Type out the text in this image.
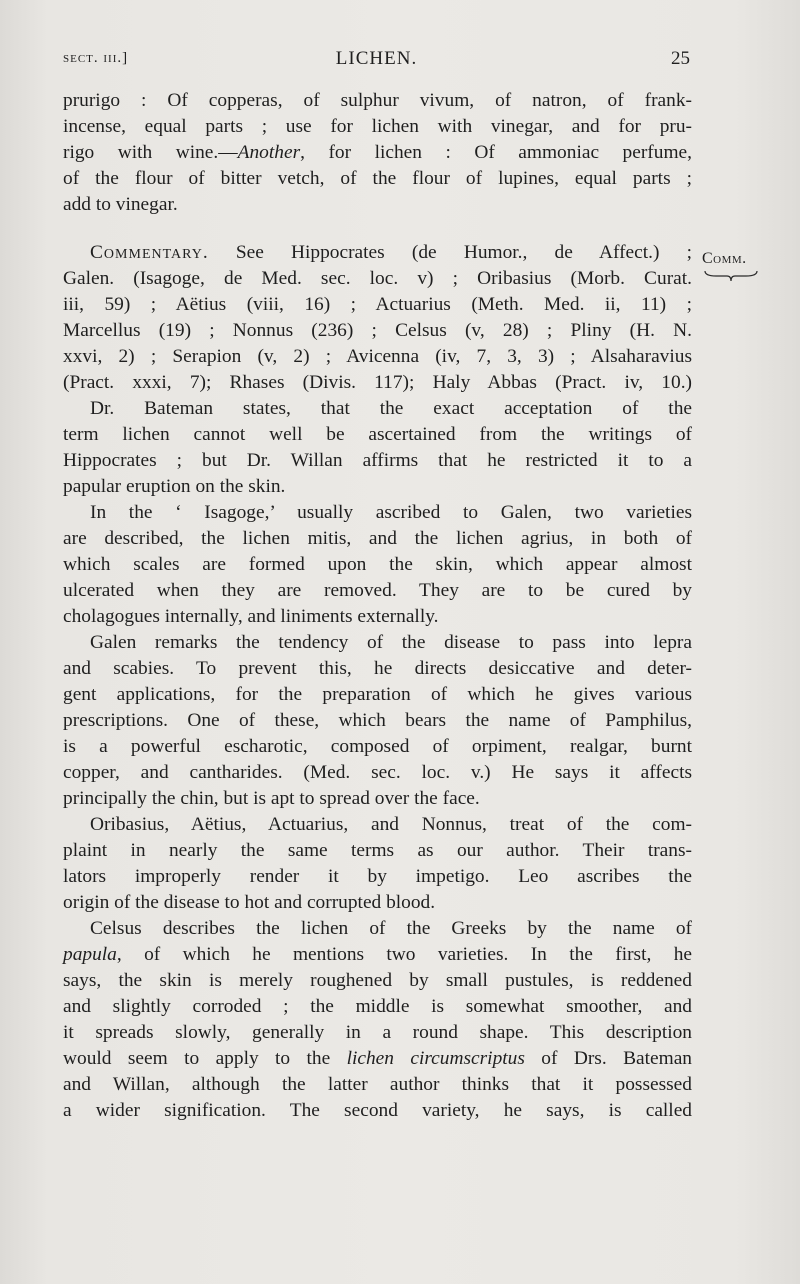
sect. iii.]	LICHEN.	25
Comm.
prurigo : Of copperas, of sulphur vivum, of natron, of frank-
incense, equal parts ; use for lichen with vinegar, and for pru-
rigo with wine.—Another, for lichen : Of ammoniac perfume,
of the flour of bitter vetch, of the flour of lupines, equal parts ;
add to vinegar.
Commentary. See Hippocrates (de Humor., de Affect.) ;
Galen. (Isagoge, de Med. sec. loc. v) ; Oribasius (Morb. Curat.
iii, 59) ; Aëtius (viii, 16) ; Actuarius (Meth. Med. ii, 11) ;
Marcellus (19) ; Nonnus (236) ; Celsus (v, 28) ; Pliny (H. N.
xxvi, 2) ; Serapion (v, 2) ; Avicenna (iv, 7, 3, 3) ; Alsaharavius
(Pract. xxxi, 7); Rhases (Divis. 117); Haly Abbas (Pract. iv, 10.)
Dr. Bateman states, that the exact acceptation of the
term lichen cannot well be ascertained from the writings of
Hippocrates ; but Dr. Willan affirms that he restricted it to a
papular eruption on the skin.
In the ‘ Isagoge,’ usually ascribed to Galen, two varieties
are described, the lichen mitis, and the lichen agrius, in both of
which scales are formed upon the skin, which appear almost
ulcerated when they are removed. They are to be cured by
cholagogues internally, and liniments externally.
Galen remarks the tendency of the disease to pass into lepra
and scabies. To prevent this, he directs desiccative and deter-
gent applications, for the preparation of which he gives various
prescriptions. One of these, which bears the name of Pamphilus,
is a powerful escharotic, composed of orpiment, realgar, burnt
copper, and cantharides. (Med. sec. loc. v.) He says it affects
principally the chin, but is apt to spread over the face.
Oribasius, Aëtius, Actuarius, and Nonnus, treat of the com-
plaint in nearly the same terms as our author. Their trans-
lators improperly render it by impetigo. Leo ascribes the
origin of the disease to hot and corrupted blood.
Celsus describes the lichen of the Greeks by the name of
papula, of which he mentions two varieties. In the first, he
says, the skin is merely roughened by small pustules, is reddened
and slightly corroded ; the middle is somewhat smoother, and
it spreads slowly, generally in a round shape. This description
would seem to apply to the lichen circumscriptus of Drs. Bateman
and Willan, although the latter author thinks that it possessed
a wider signification. The second variety, he says, is called
